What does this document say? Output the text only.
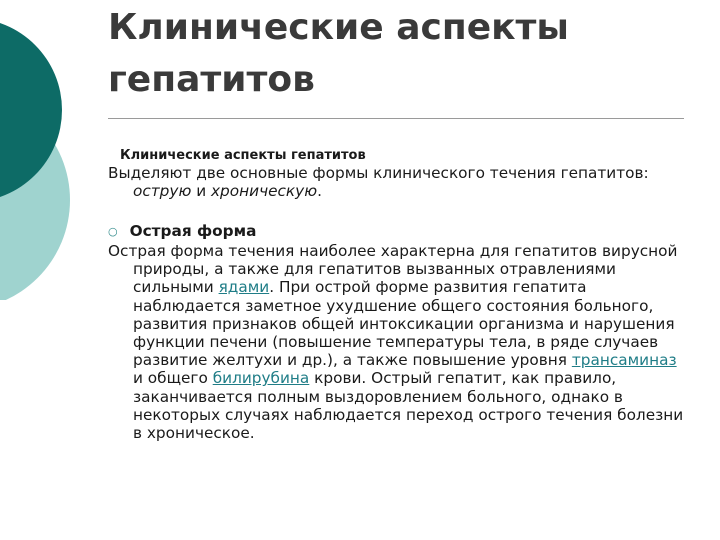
Клинические аспекты гепатитов
Клинические аспекты гепатитов

Выделяют две основные формы клинического течения гепатитов: острую и хроническую.

○ Острая форма

Острая форма течения наиболее характерна для гепатитов вирусной природы, а также для гепатитов вызванных отравлениями сильными ядами. При острой форме развития гепатита наблюдается заметное ухудшение общего состояния больного, развития признаков общей интоксикации организма и нарушения функции печени (повышение температуры тела, в ряде случаев развитие желтухи и др.), а также повышение уровня трансаминаз и общего билирубина крови. Острый гепатит, как правило, заканчивается полным выздоровлением больного, однако в некоторых случаях наблюдается переход острого течения болезни в хроническое.
